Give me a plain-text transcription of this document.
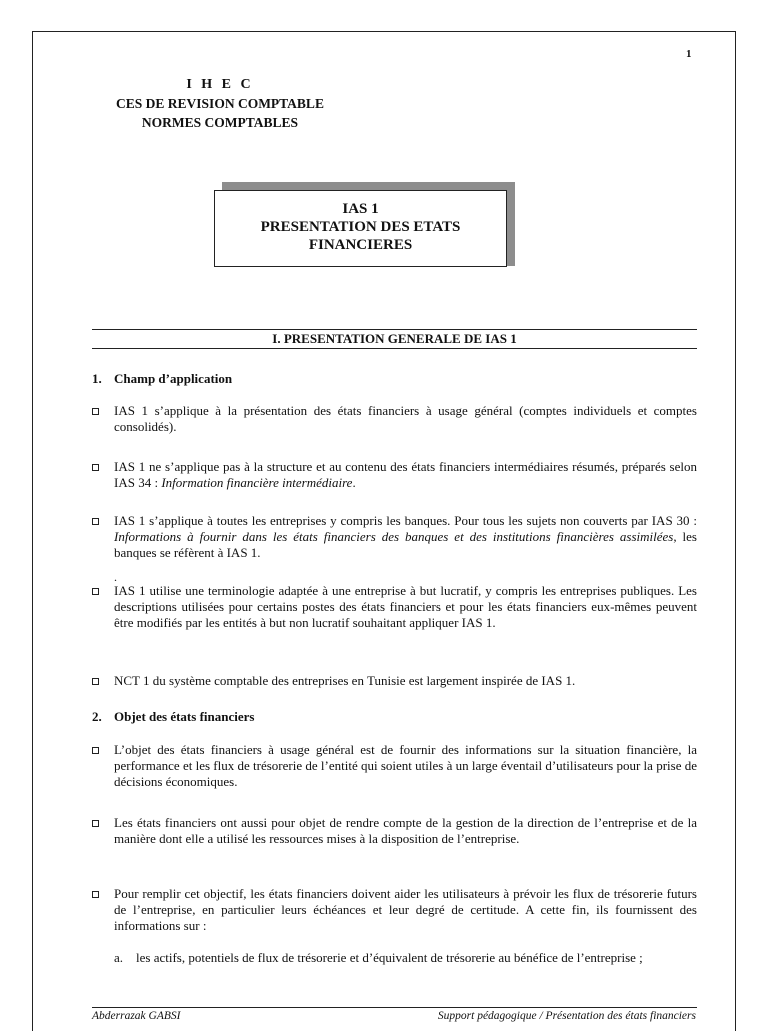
1
I H E C
CES DE REVISION COMPTABLE
NORMES COMPTABLES
IAS 1
PRESENTATION DES ETATS
FINANCIERES
I. PRESENTATION GENERALE DE IAS 1
1. Champ d’application
IAS 1 s’applique à la présentation des états financiers à usage général (comptes individuels et comptes consolidés).
IAS 1 ne s’applique pas à la structure et au contenu des états financiers intermédiaires résumés, préparés selon IAS 34 : Information financière intermédiaire.
IAS 1 s’applique à toutes les entreprises y compris les banques. Pour tous les sujets non couverts par IAS 30 : Informations à fournir dans les états financiers des banques et des institutions financières assimilées, les banques se réfèrent à IAS 1.
.
IAS 1 utilise une terminologie adaptée à une entreprise à but lucratif, y compris les entreprises publiques. Les descriptions utilisées pour certains postes des états financiers et pour les états financiers eux-mêmes peuvent être modifiés par les entités à but non lucratif souhaitant appliquer IAS 1.
NCT 1 du système comptable des entreprises en Tunisie est largement inspirée de IAS 1.
2. Objet des états financiers
L’objet des états financiers à usage général est de fournir des informations sur la situation financière, la performance et les flux de trésorerie de l’entité qui soient utiles à un large éventail d’utilisateurs pour la prise de décisions économiques.
Les états financiers ont aussi pour objet de rendre compte de la gestion de la direction de l’entreprise et de la manière dont elle a utilisé les ressources mises à la disposition de l’entreprise.
Pour remplir cet objectif, les états financiers doivent aider les utilisateurs à prévoir les flux de trésorerie futurs de l’entreprise, en particulier leurs échéances et leur degré de certitude. A cette fin, ils fournissent des informations sur :
a. les actifs, potentiels de flux de trésorerie et d’équivalent de trésorerie au bénéfice de l’entreprise ;
Abderrazak GABSI	Support pédagogique / Présentation des états financiers
